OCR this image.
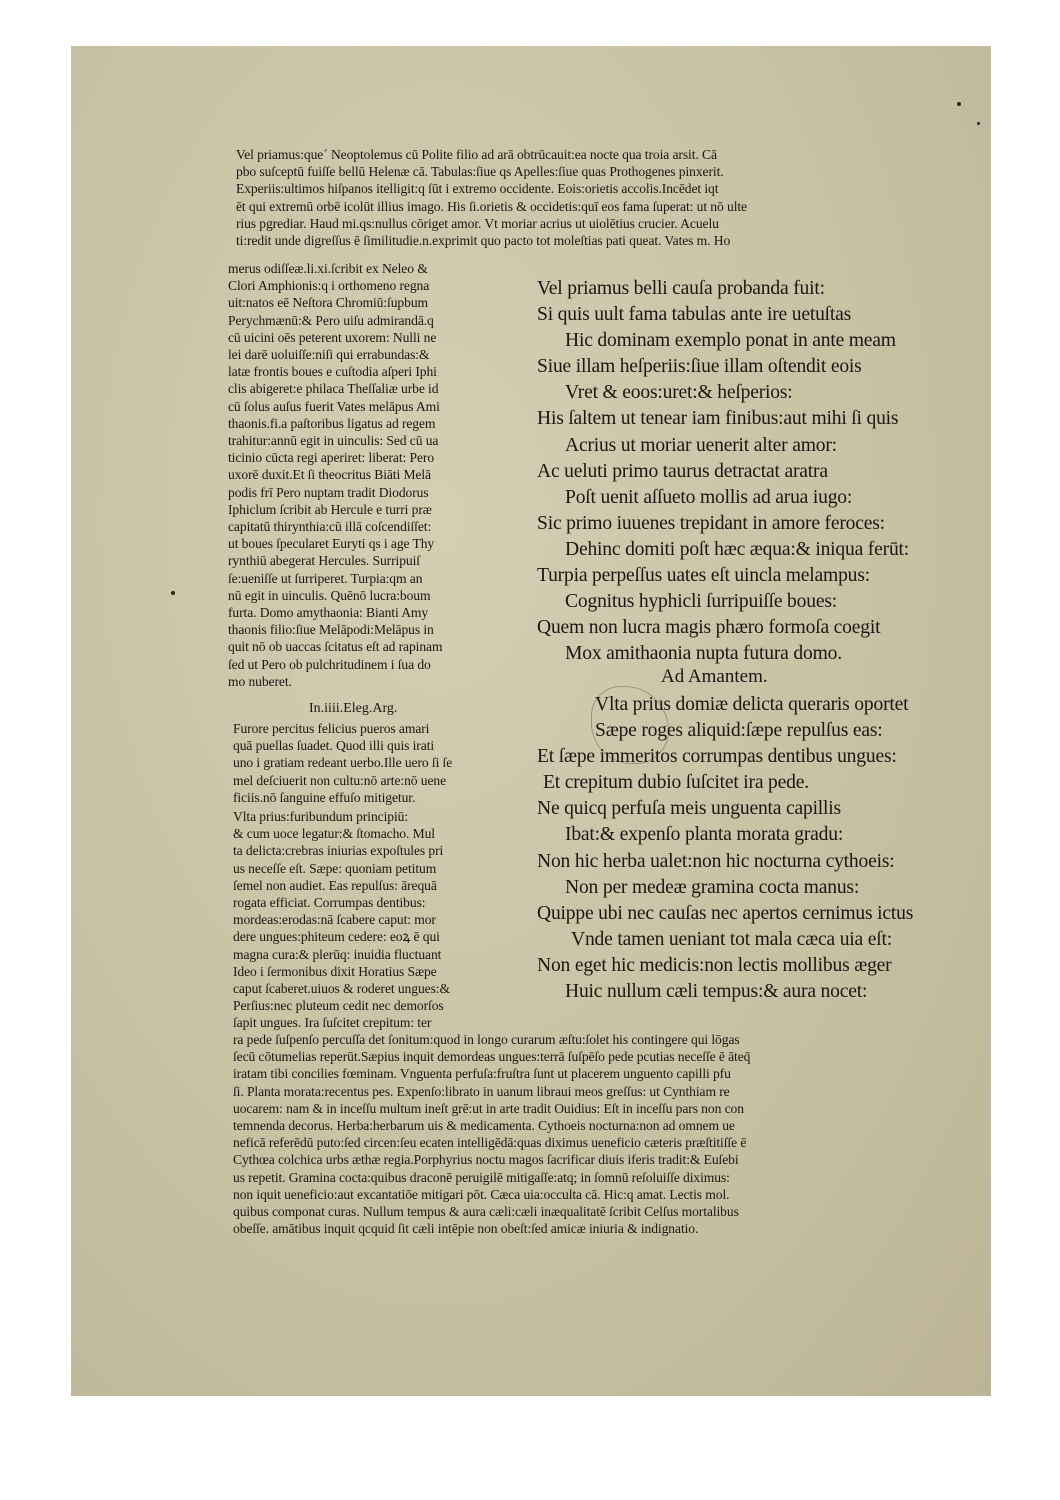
Vel priamus:queˊ Neoptolemus cū Polite filio ad arā obtrūcauit:ea nocte qua troia arsit. Cā
pbo suſceptū fuiſſe bellū Helenæ cā. Tabulas:ſiue qs Apelles:ſiue quas Prothogenes pinxerit.
Experiis:ultimos hiſpanos itelligit:q ſūt i extremo occidente. Eois:orietis accolis.Incēdet iqt
ēt qui extremū orbē icolūt illius imago. His ſi.orietis & occidetis:quī eos fama ſuperat: ut nō ulte
rius pgrediar. Haud mi.qs:nullus cōriget amor. Vt moriar acrius ut uiolētius crucier. Acuelu
ti:redit unde digreſſus ē ſimilitudie.n.exprimit quo pacto tot moleſtias pati queat. Vates m. Ho
merus odiſſeæ.li.xi.ſcribit ex Neleo &
Clori Amphionis:q i orthomeno regna
uit:natos eē Neſtora Chromiū:ſupbum
Perychmænū:& Pero uiſu admirandā.q
cū uicini oēs peterent uxorem: Nulli ne
lei darē uoluiſſe:niſi qui errabundas:&
latæ frontis boues e cuſtodia aſperi Iphi
clis abigeret:e philaca Theſſaliæ urbe id
cū ſolus auſus fuerit Vates melāpus Ami
thaonis.fi.a paſtoribus ligatus ad regem
trahitur:annū egit in uinculis: Sed cū ua
ticinio cūcta regi aperiret: liberat: Pero
uxorē duxit.Et ſi theocritus Biāti Melā
podis frī Pero nuptam tradit Diodorus
Iphiclum ſcribit ab Hercule e turri præ
capitatū thirynthia:cū illā coſcendiſſet:
ut boues ſpecularet Euryti qs i age Thy
rynthiū abegerat Hercules. Surripuiſ
ſe:ueniſſe ut ſurriperet. Turpia:qm an
nū egit in uinculis. Quēnō lucra:boum
furta. Domo amythaonia: Bianti Amy
thaonis filio:ſiue Melāpodi:Melāpus in
quit nō ob uaccas ſcitatus eſt ad rapinam
ſed ut Pero ob pulchritudinem i ſua do
mo nuberet.
In.iiii.Eleg.Arg.
Furore percitus felicius pueros amari
quā puellas ſuadet. Quod illi quis irati
uno i gratiam redeant uerbo.Ille uero ſi ſe
mel deſciuerit non cultu:nō arte:nō uene
ficiis.nō ſanguine effuſo mitigetur.
Vlta prius:furibundum principiū:
& cum uoce legatur:& ſtomacho. Mul
ta delicta:crebras iniurias expoſtules pri
us neceſſe eſt. Sæpe: quoniam petitum
ſemel non audiet. Eas repulſus: ārequā
rogata efficiat. Corrumpas dentibus:
mordeas:erodas:nā ſcabere caput: mor
dere ungues:phiteum cedere: eoꝝ ē qui
magna cura:& plerūq: inuidia fluctuant
Ideo i ſermonibus dixit Horatius Sæpe
caput ſcaberet.uiuos & roderet ungues:&
Perſius:nec pluteum cedit nec demorſos
ſapit ungues. Ira ſuſcitet crepitum: ter
Vel priamus belli cauſa probanda fuit:
Si quis uult fama tabulas ante ire uetuſtas
Hic dominam exemplo ponat in ante meam
Siue illam heſperiis:ſiue illam oſtendit eois
Vret & eoos:uret:& heſperios:
His ſaltem ut tenear iam finibus:aut mihi ſi quis
Acrius ut moriar uenerit alter amor:
Ac ueluti primo taurus detractat aratra
Poſt uenit aſſueto mollis ad arua iugo:
Sic primo iuuenes trepidant in amore feroces:
Dehinc domiti poſt hæc æqua:& iniqua ferūt:
Turpia perpeſſus uates eſt uincla melampus:
Cognitus hyphicli ſurripuiſſe boues:
Quem non lucra magis phæro formoſa coegit
Mox amithaonia nupta futura domo.
Ad Amantem.
Vlta prius domiæ delicta queraris oportet
Sæpe roges aliquid:ſæpe repulſus eas:
Et ſæpe immeritos corrumpas dentibus ungues:
Et crepitum dubio ſuſcitet ira pede.
Ne quicq perfuſa meis unguenta capillis
Ibat:& expenſo planta morata gradu:
Non hic herba ualet:non hic nocturna cythoeis:
Non per medeæ gramina cocta manus:
Quippe ubi nec cauſas nec apertos cernimus ictus
Vnde tamen ueniant tot mala cæca uia eſt:
Non eget hic medicis:non lectis mollibus æger
Huic nullum cæli tempus:& aura nocet:
ra pede ſuſpenſo percuſſa det ſonitum:quod in longo curarum æſtu:ſolet his contingere qui lōgas
ſecū cōtumelias reperūt.Sæpius inquit demordeas ungues:terrā ſuſpēſo pede pcutias neceſſe ē āteq̄
iratam tibi concilies fœminam. Vnguenta perfuſa:fruſtra ſunt ut placerem unguento capilli pfu
ſi. Planta morata:recentus pes. Expenſo:librato in uanum libraui meos greſſus: ut Cynthiam re
uocarem: nam & in inceſſu multum ineſt grē:ut in arte tradit Ouidius: Eſt in inceſſu pars non con
temnenda decorus. Herba:herbarum uis & medicamenta. Cythoeis nocturna:non ad omnem ue
neficā referēdū puto:ſed circen:ſeu ecaten intelligēdā:quas diximus ueneficio cæteris præſtitiſſe ē
Cythœa colchica urbs æthæ regia.Porphyrius noctu magos ſacrificar diuis iferis tradit:& Euſebi
us repetit. Gramina cocta:quibus draconē peruigilē mitigaſſe:atq; in ſomnū reſoluiſſe diximus:
non iquit ueneficio:aut excantatiōe mitigari pōt. Cæca uia:occulta cā. Hic:q amat. Lectis mol.
quibus componat curas. Nullum tempus & aura cæli:cæli inæqualitatē ſcribit Celſus mortalibus
obeſſe. amātibus inquit qcquid ſit cæli intēpie non obeſt:ſed amicæ iniuria & indignatio.
